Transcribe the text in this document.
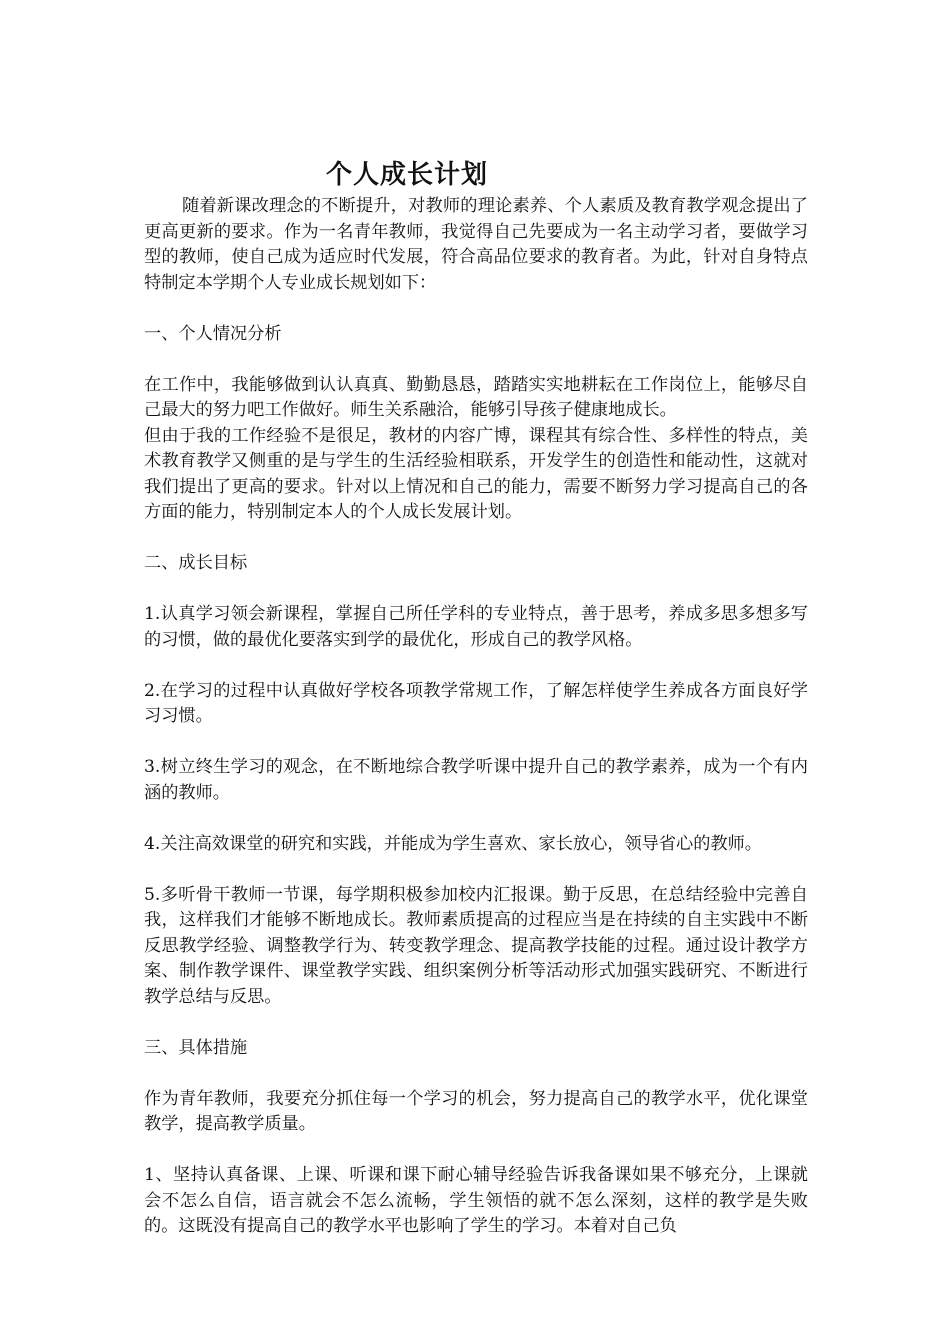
个人成长计划

随着新课改理念的不断提升，对教师的理论素养、个人素质及教育教学观念提出了更高更新的要求。作为一名青年教师，我觉得自己先要成为一名主动学习者，要做学习型的教师，使自己成为适应时代发展，符合高品位要求的教育者。为此，针对自身特点特制定本学期个人专业成长规划如下：

一、个人情况分析

在工作中，我能够做到认认真真、勤勤恳恳，踏踏实实地耕耘在工作岗位上，能够尽自己最大的努力吧工作做好。师生关系融洽，能够引导孩子健康地成长。

但由于我的工作经验不是很足，教材的内容广博，课程其有综合性、多样性的特点，美术教育教学又侧重的是与学生的生活经验相联系，开发学生的创造性和能动性，这就对我们提出了更高的要求。针对以上情况和自己的能力，需要不断努力学习提高自己的各方面的能力，特别制定本人的个人成长发展计划。

二、成长目标

1.认真学习领会新课程，掌握自己所任学科的专业特点，善于思考，养成多思多想多写的习惯，做的最优化要落实到学的最优化，形成自己的教学风格。

2.在学习的过程中认真做好学校各项教学常规工作，了解怎样使学生养成各方面良好学习习惯。

3.树立终生学习的观念，在不断地综合教学听课中提升自己的教学素养，成为一个有内涵的教师。

4.关注高效课堂的研究和实践，并能成为学生喜欢、家长放心，领导省心的教师。

5.多听骨干教师一节课，每学期积极参加校内汇报课。勤于反思，在总结经验中完善自我，这样我们才能够不断地成长。教师素质提高的过程应当是在持续的自主实践中不断反思教学经验、调整教学行为、转变教学理念、提高教学技能的过程。通过设计教学方案、制作教学课件、课堂教学实践、组织案例分析等活动形式加强实践研究、不断进行教学总结与反思。

三、具体措施

作为青年教师，我要充分抓住每一个学习的机会，努力提高自己的教学水平，优化课堂教学，提高教学质量。

1、坚持认真备课、上课、听课和课下耐心辅导经验告诉我备课如果不够充分，上课就会不怎么自信，语言就会不怎么流畅，学生领悟的就不怎么深刻，这样的教学是失败的。这既没有提高自己的教学水平也影响了学生的学习。本着对自己负
